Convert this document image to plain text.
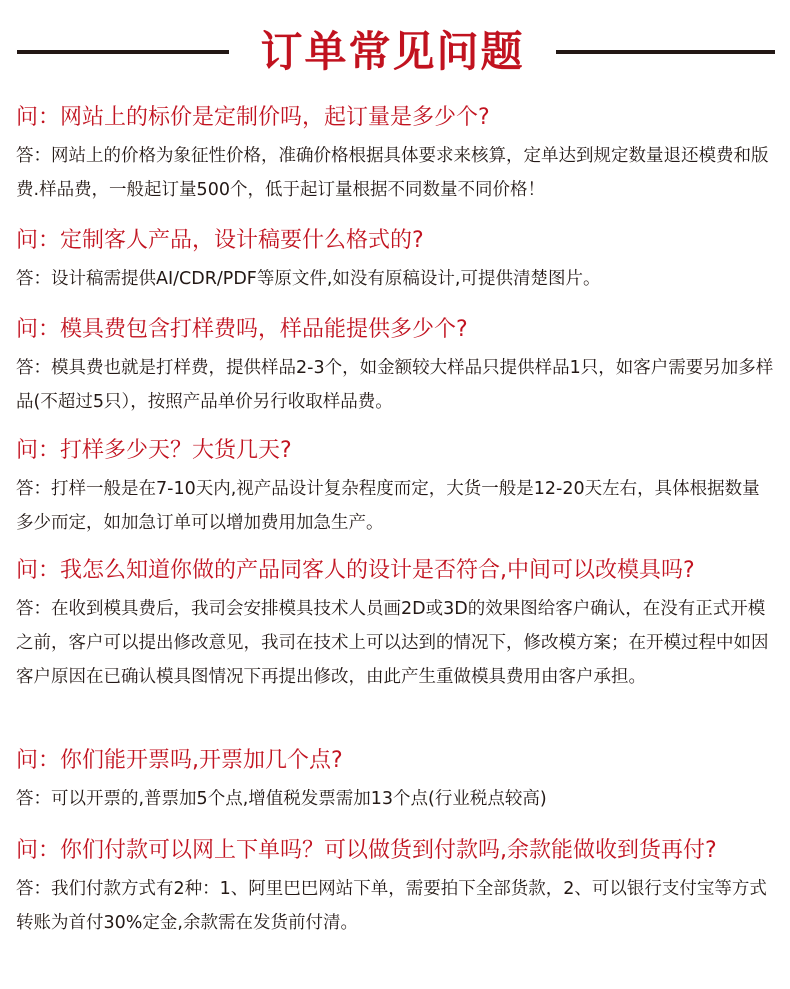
订单常见问题
问：网站上的标价是定制价吗，起订量是多少个?
答：网站上的价格为象征性价格，准确价格根据具体要求来核算，定单达到规定数量退还模费和版费.样品费，一般起订量500个，低于起订量根据不同数量不同价格！
问：定制客人产品，设计稿要什么格式的?
答：设计稿需提供AI/CDR/PDF等原文件,如没有原稿设计,可提供清楚图片。
问：模具费包含打样费吗，样品能提供多少个?
答：模具费也就是打样费，提供样品2-3个，如金额较大样品只提供样品1只，如客户需要另加多样品(不超过5只），按照产品单价另行收取样品费。
问：打样多少天？大货几天?
答：打样一般是在7-10天内,视产品设计复杂程度而定，大货一般是12-20天左右，具体根据数量多少而定，如加急订单可以增加费用加急生产。
问：我怎么知道你做的产品同客人的设计是否符合,中间可以改模具吗?
答：在收到模具费后，我司会安排模具技术人员画2D或3D的效果图给客户确认，在没有正式开模之前，客户可以提出修改意见，我司在技术上可以达到的情况下，修改模方案；在开模过程中如因客户原因在已确认模具图情况下再提出修改，由此产生重做模具费用由客户承担。
问：你们能开票吗,开票加几个点?
答：可以开票的,普票加5个点,增值税发票需加13个点(行业税点较高)
问：你们付款可以网上下单吗？可以做货到付款吗,余款能做收到货再付?
答：我们付款方式有2种：1、阿里巴巴网站下单，需要拍下全部货款，2、可以银行支付宝等方式转账为首付30%定金,余款需在发货前付清。
